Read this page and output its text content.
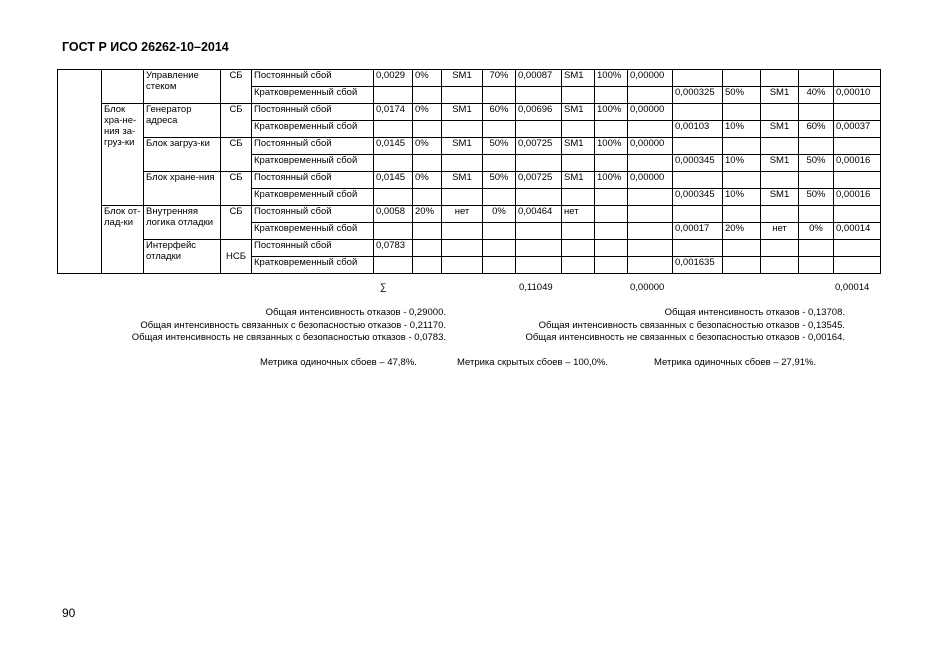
ГОСТ Р ИСО 26262-10–2014
		Управление стеком	СБ	Постоянный сбой	0,0029	0%	SM1	70%	0,00087	SM1	100%	0,00000					
				Кратковременный сбой									0,000325	50%	SM1	40%	0,00010
	Блок хра-не-ния за-груз-ки	Генератор адреса	СБ	Постоянный сбой	0,0174	0%	SM1	60%	0,00696	SM1	100%	0,00000					
				Кратковременный сбой									0,00103	10%	SM1	60%	0,00037
		Блок загруз-ки	СБ	Постоянный сбой	0,0145	0%	SM1	50%	0,00725	SM1	100%	0,00000					
				Кратковременный сбой									0,000345	10%	SM1	50%	0,00016
		Блок хране-ния	СБ	Постоянный сбой	0,0145	0%	SM1	50%	0,00725	SM1	100%	0,00000					
				Кратковременный сбой									0,000345	10%	SM1	50%	0,00016
	Блок от-лад-ки	Внутренняя логика отладки	СБ	Постоянный сбой	0,0058	20%	нет	0%	0,00464	нет							
				Кратковременный сбой									0,00017	20%	нет	0%	0,00014
		Интерфейс отладки	НСБ	Постоянный сбой	0,0783												
				Кратковременный сбой									0,001635				
∑	0,11049	0,00000	0,00014
Общая интенсивность отказов - 0,29000.
Общая интенсивность связанных с безопасностью отказов - 0,21170.
Общая интенсивность не связанных с безопасностью отказов - 0,0783.
Общая интенсивность отказов - 0,13708.
Общая интенсивность связанных с безопасностью отказов - 0,13545.
Общая интенсивность не связанных с безопасностью отказов - 0,00164.
Метрика одиночных сбоев – 47,8%.	Метрика скрытых сбоев – 100,0%.	Метрика одиночных сбоев – 27,91%.
90
